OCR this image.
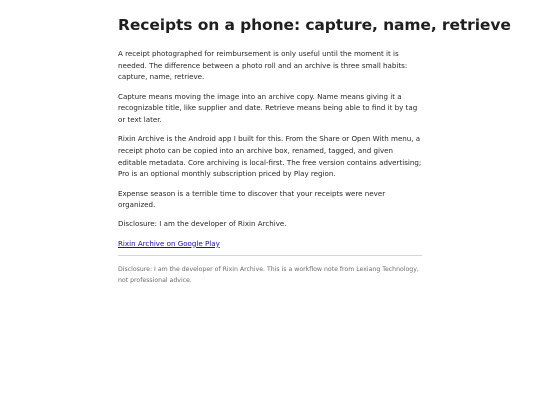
Receipts on a phone: capture, name, retrieve

A receipt photographed for reimbursement is only useful until the moment it is needed. The difference between a photo roll and an archive is three small habits: capture, name, retrieve.

Capture means moving the image into an archive copy. Name means giving it a recognizable title, like supplier and date. Retrieve means being able to find it by tag or text later.

Rixin Archive is the Android app I built for this. From the Share or Open With menu, a receipt photo can be copied into an archive box, renamed, tagged, and given editable metadata. Core archiving is local-first. The free version contains advertising; Pro is an optional monthly subscription priced by Play region.

Expense season is a terrible time to discover that your receipts were never organized.

Disclosure: I am the developer of Rixin Archive.

Rixin Archive on Google Play

Disclosure: I am the developer of Rixin Archive. This is a workflow note from Lexiang Technology, not professional advice.
